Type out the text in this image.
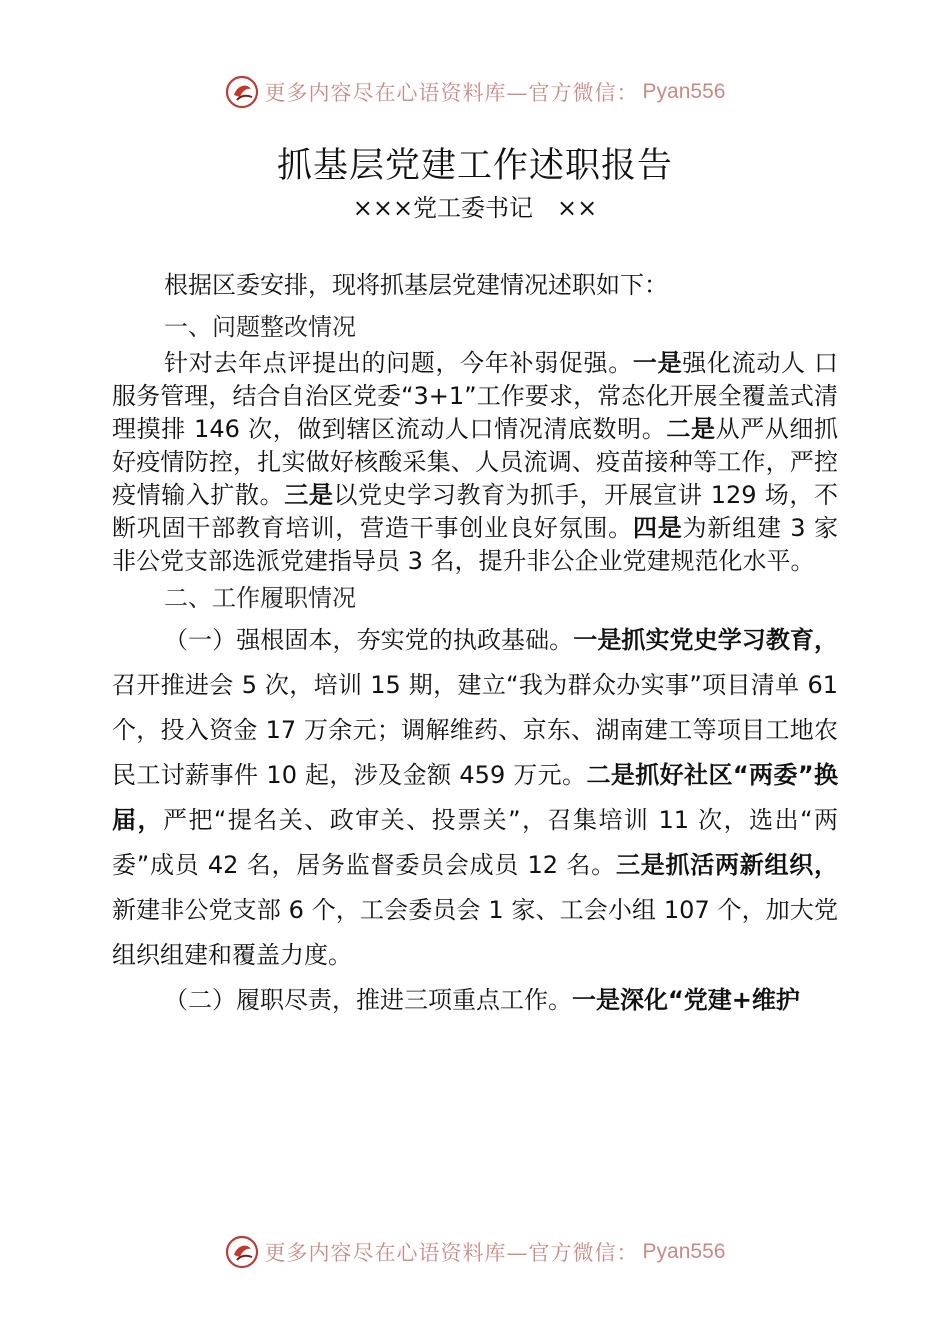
更多内容尽在心语资料库—官方微信： Pyan556
抓基层党建工作述职报告
×××党工委书记　××

根据区委安排，现将抓基层党建情况述职如下：

一、问题整改情况

针对去年点评提出的问题，今年补弱促强。一是强化流动人 口服务管理，结合自治区党委“3+1”工作要求，常态化开展全覆盖式清理摸排 146 次，做到辖区流动人口情况清底数明。二是从严从细抓好疫情防控，扎实做好核酸采集、人员流调、疫苗接种等工作，严控疫情输入扩散。三是以党史学习教育为抓手，开展宣讲 129 场，不断巩固干部教育培训，营造干事创业良好氛围。四是为新组建 3 家非公党支部选派党建指导员 3 名，提升非公企业党建规范化水平。

二、工作履职情况

（一）强根固本，夯实党的执政基础。一是抓实党史学习教育，召开推进会 5 次，培训 15 期，建立“我为群众办实事”项目清单 61 个，投入资金 17 万余元；调解维药、京东、湖南建工等项目工地农民工讨薪事件 10 起，涉及金额 459 万元。二是抓好社区“两委”换届，严把“提名关、政审关、投票关”，召集培训 11 次，选出“两委”成员 42 名，居务监督委员会成员 12 名。三是抓活两新组织，新建非公党支部 6 个，工会委员会 1 家、工会小组 107 个，加大党组织组建和覆盖力度。

（二）履职尽责，推进三项重点工作。一是深化“党建+维护

更多内容尽在心语资料库—官方微信： Pyan556
